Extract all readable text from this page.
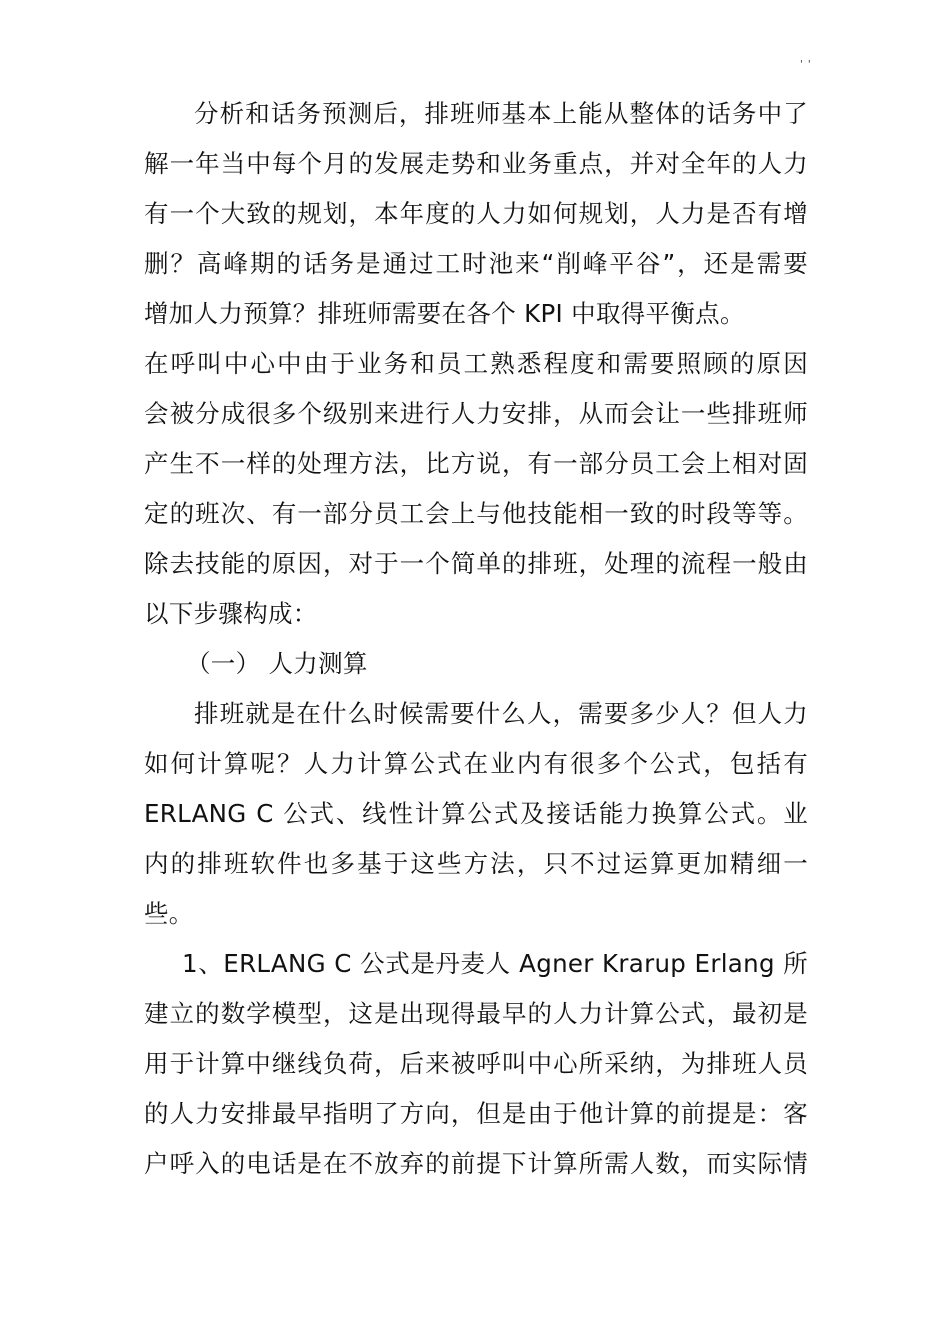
' '
分析和话务预测后，排班师基本上能从整体的话务中了
解一年当中每个月的发展走势和业务重点，并对全年的人力
有一个大致的规划，本年度的人力如何规划，人力是否有增
删？高峰期的话务是通过工时池来“削峰平谷”，还是需要
增加人力预算？排班师需要在各个 KPI 中取得平衡点。
在呼叫中心中由于业务和员工熟悉程度和需要照顾的原因
会被分成很多个级别来进行人力安排，从而会让一些排班师
产生不一样的处理方法，比方说，有一部分员工会上相对固
定的班次、有一部分员工会上与他技能相一致的时段等等。
除去技能的原因，对于一个简单的排班，处理的流程一般由
以下步骤构成：
（一） 人力测算
排班就是在什么时候需要什么人，需要多少人？但人力
如何计算呢？人力计算公式在业内有很多个公式，包括有
ERLANG C 公式、线性计算公式及接话能力换算公式。业
内的排班软件也多基于这些方法，只不过运算更加精细一
些。
1、ERLANG C 公式是丹麦人 Agner Krarup Erlang 所
建立的数学模型，这是出现得最早的人力计算公式，最初是
用于计算中继线负荷，后来被呼叫中心所采纳，为排班人员
的人力安排最早指明了方向，但是由于他计算的前提是：客
户呼入的电话是在不放弃的前提下计算所需人数，而实际情
